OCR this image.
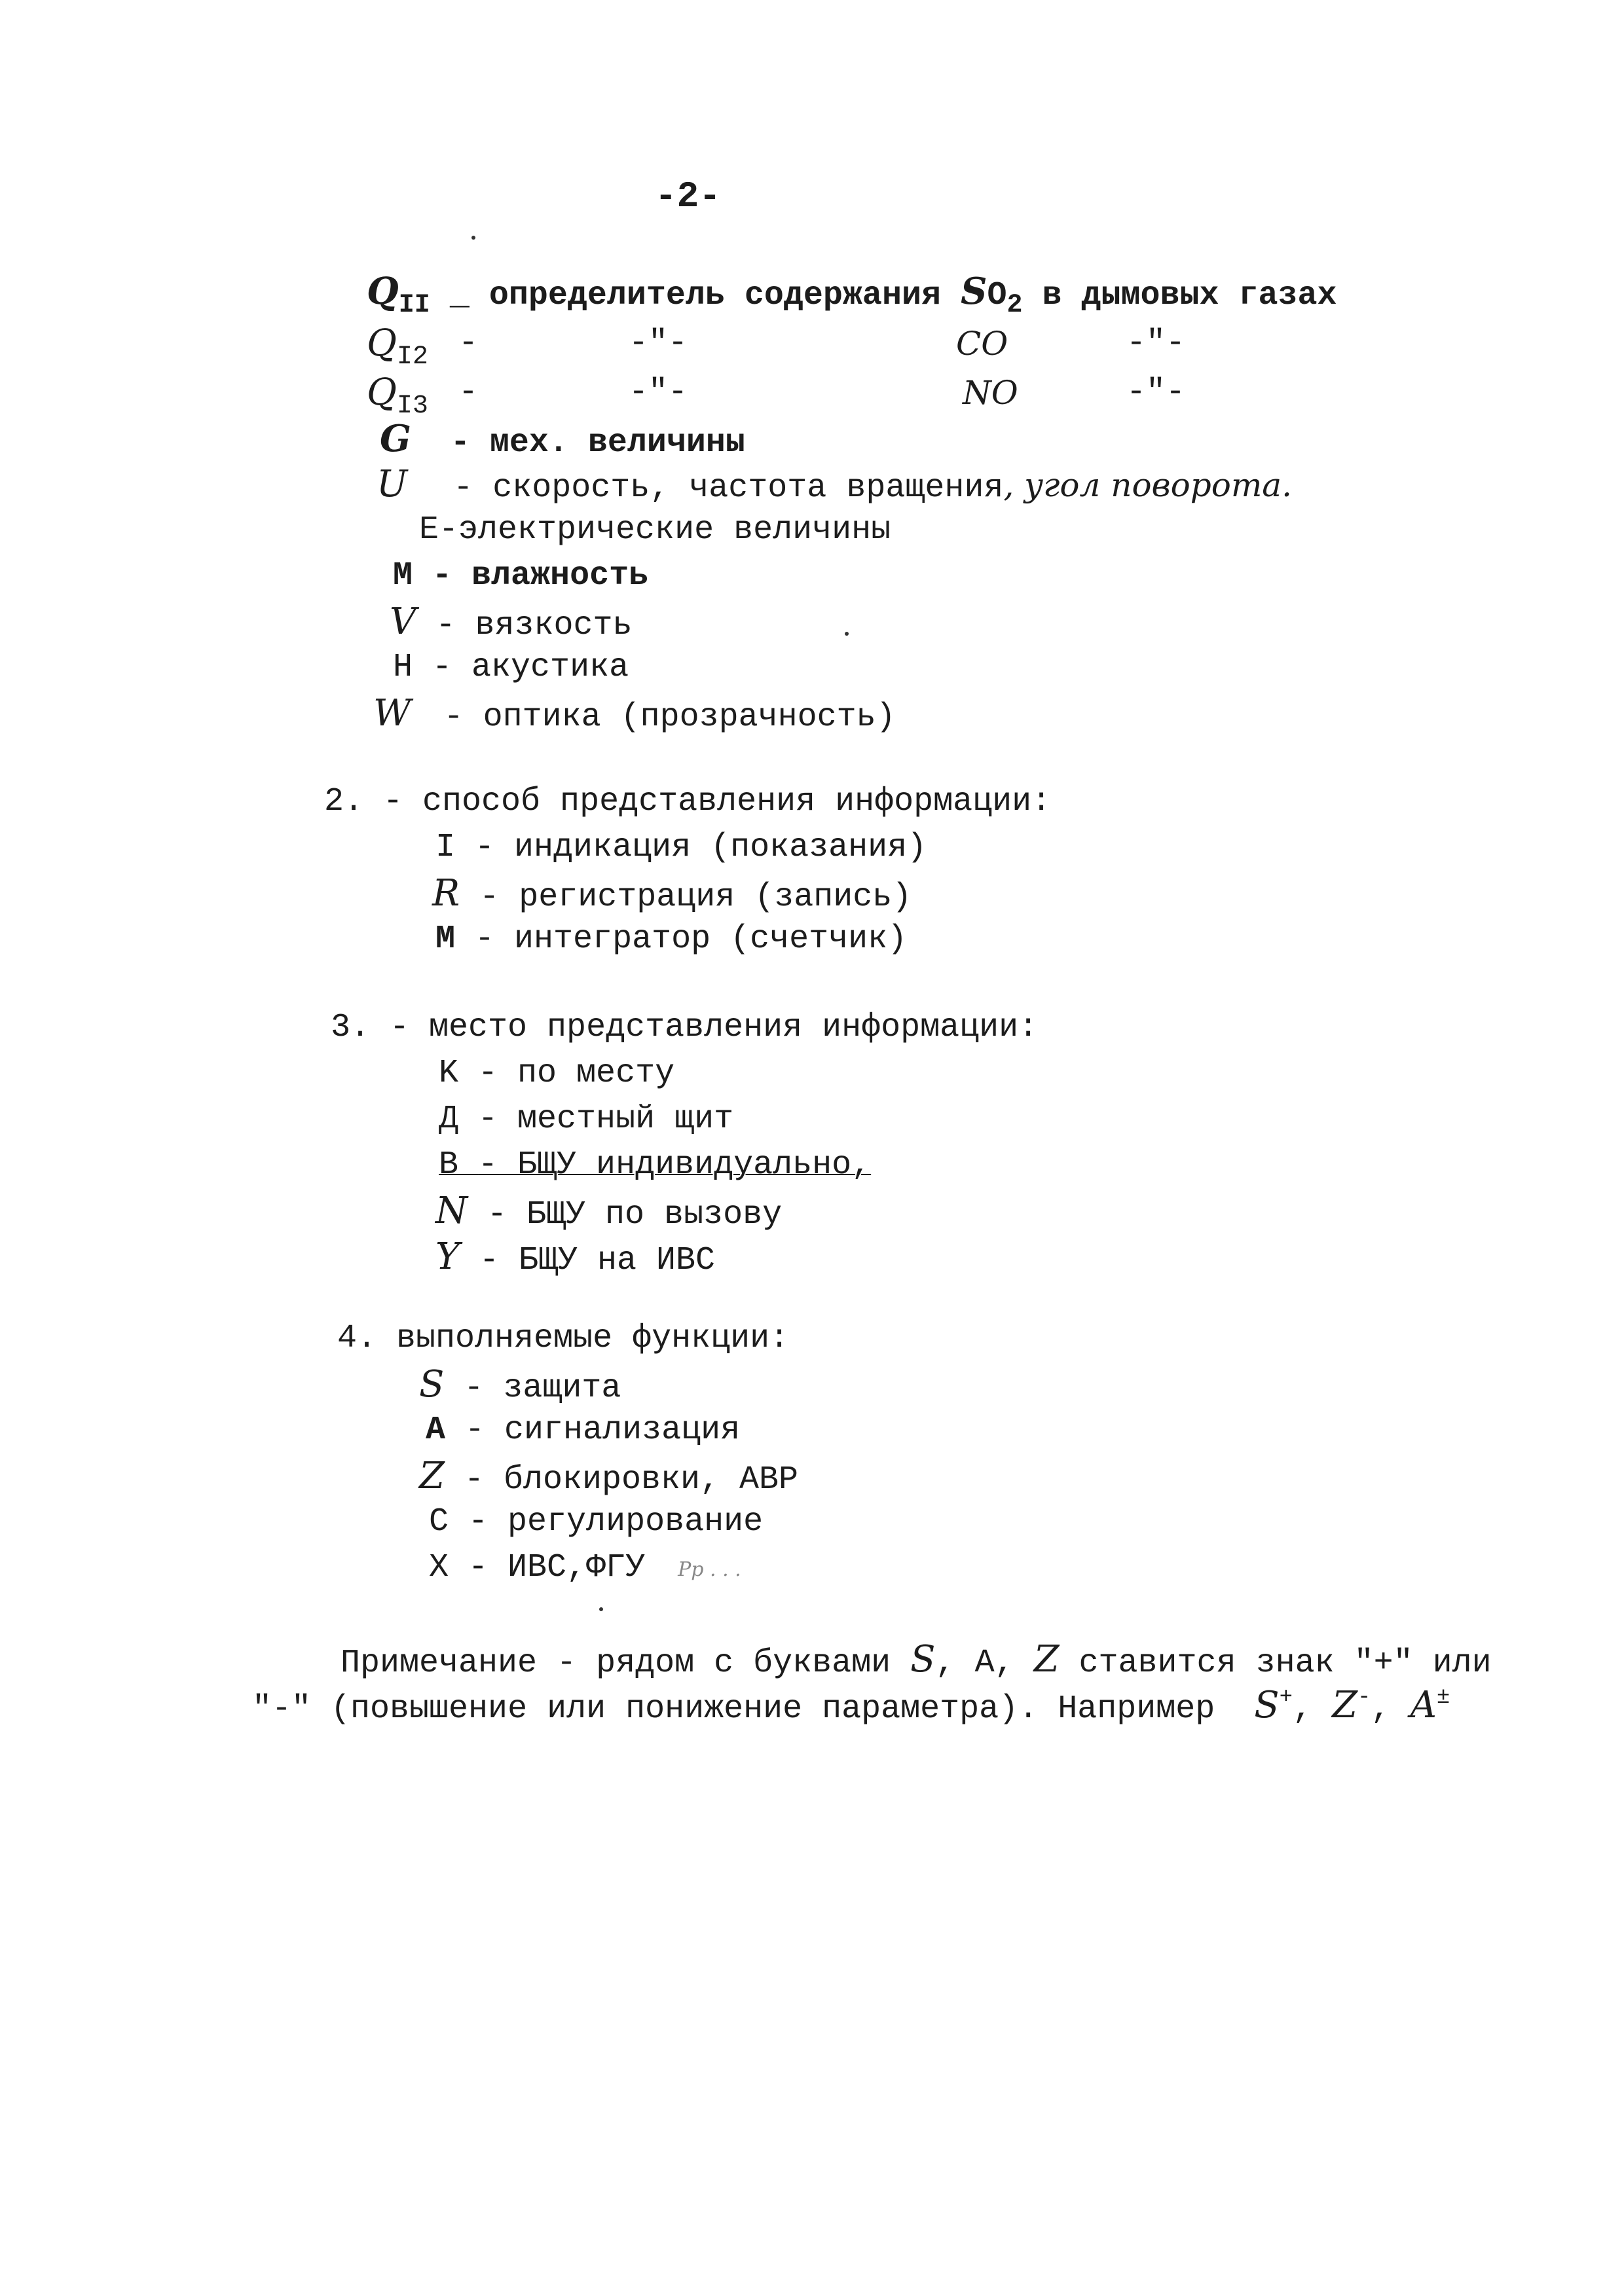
-2-
$Q_{II}$ _ определитель содержания $SO_2$ в дымовых газах
$Q_{I2}$ -	-"-	CO	-"-
$Q_{I3}$ -	-"-	NO	-"-
G - мех. величины
U - скорость, частота вращения, угол поворота.
E-электрические величины
M - влажность
V - вязкость
H - акустика
W - оптика (прозрачность)
2. - способ представления информации:
I - индикация (показания)
R - регистрация (запись)
M - интегратор (счетчик)
3. - место представления информации:
K - по месту
Д - местный щит
B - БЩУ индивидуально,
N - БЩУ по вызову
Y - БЩУ на ИВС
4. выполняемые функции:
S - защита
A - сигнализация
Z - блокировки, АВР
C - регулирование
X - ИВС,ФГУ Рр . . .
Примечание - рядом с буквами S, А, Z ставится знак "+" или
"-" (повышение или понижение параметра). Например S+, Z-, A±
